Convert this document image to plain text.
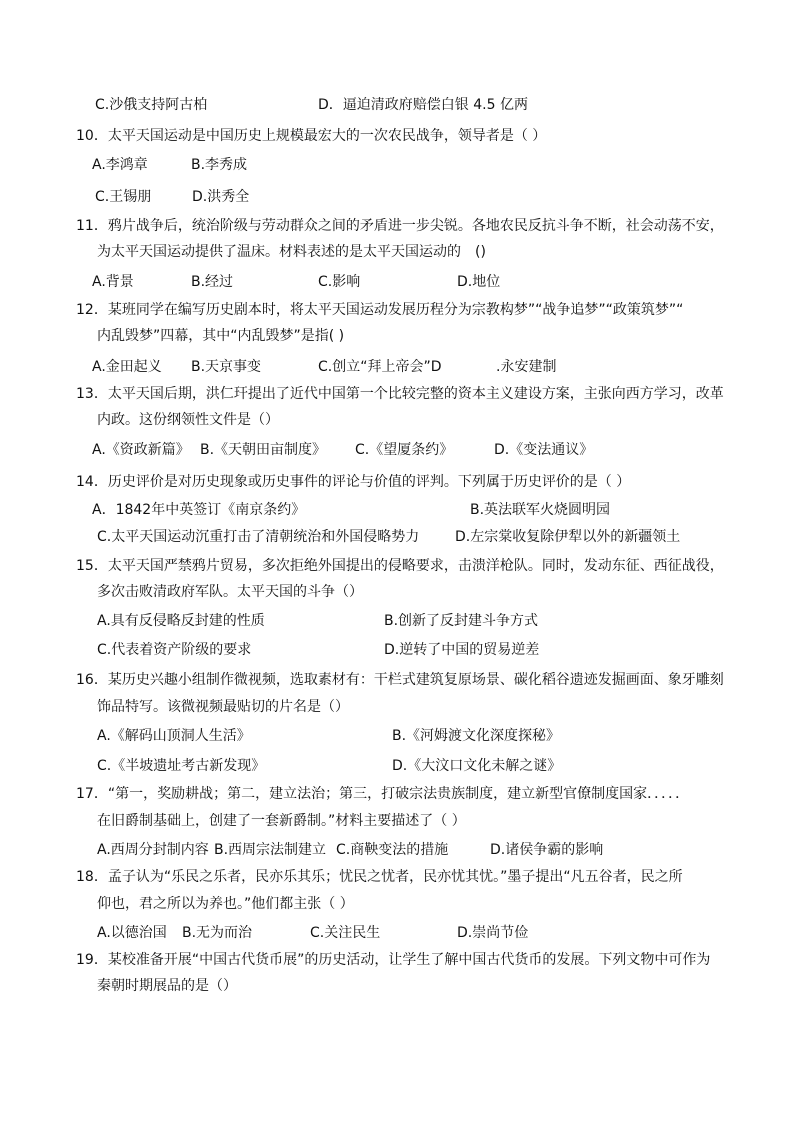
C.沙俄支持阿古柏	D．逼迫清政府赔偿白银 4.5 亿两
10．太平天国运动是中国历史上规模最宏大的一次农民战争，领导者是（ ）
A.李鸿章	B.李秀成
C.王锡朋	D.洪秀全
11．鸦片战争后，统治阶级与劳动群众之间的矛盾进一步尖锐。各地农民反抗斗争不断，社会动荡不安，
为太平天国运动提供了温床。材料表述的是太平天国运动的　()
A.背景	B.经过	C.影响	D.地位
12．某班同学在编写历史剧本时，将太平天国运动发展历程分为宗教构梦”“战争追梦”“政策筑梦”“
内乱毁梦”四幕，其中“内乱毁梦”是指( )
A.金田起义 B.天京事变	C.创立“拜上帝会”D	.永安建制
13．太平天国后期，洪仁玕提出了近代中国第一个比较完整的资本主义建设方案，主张向西方学习，改革
内政。这份纲领性文件是（）
A.《资政新篇》 B.《天朝田亩制度》 C.《望厦条约》	D.《变法通议》
14．历史评价是对历史现象或历史事件的评论与价值的评判。下列属于历史评价的是（ ）
A．1842年中英签订《南京条约》	B.英法联军火烧圆明园
C.太平天国运动沉重打击了清朝统治和外国侵略势力	D.左宗棠收复除伊犁以外的新疆领土
15．太平天国严禁鸦片贸易，多次拒绝外国提出的侵略要求，击溃洋枪队。同时，发动东征、西征战役，
多次击败清政府军队。太平天国的斗争（）
A.具有反侵略反封建的性质	B.创新了反封建斗争方式
C.代表着资产阶级的要求	D.逆转了中国的贸易逆差
16．某历史兴趣小组制作微视频，选取素材有：干栏式建筑复原场景、碳化稻谷遗迹发掘画面、象牙雕刻
饰品特写。该微视频最贴切的片名是（）
A.《解码山顶洞人生活》	B.《河姆渡文化深度探秘》
C.《半坡遗址考古新发现》	D.《大汶口文化未解之谜》
17．“第一，奖励耕战；第二，建立法治；第三，打破宗法贵族制度，建立新型官僚制度国家．．．．．
在旧爵制基础上，创建了一套新爵制。”材料主要描述了（ ）
A.西周分封制内容 B.西周宗法制建立 C.商鞅变法的措施	D.诸侯争霸的影响
18．孟子认为“乐民之乐者，民亦乐其乐；忧民之忧者，民亦忧其忧。”墨子提出“凡五谷者，民之所
仰也，君之所以为养也。”他们都主张（ ）
A.以德治国 B.无为而治	C.关注民生	D.崇尚节俭
19．某校准备开展“中国古代货币展”的历史活动，让学生了解中国古代货币的发展。下列文物中可作为
秦朝时期展品的是（）
